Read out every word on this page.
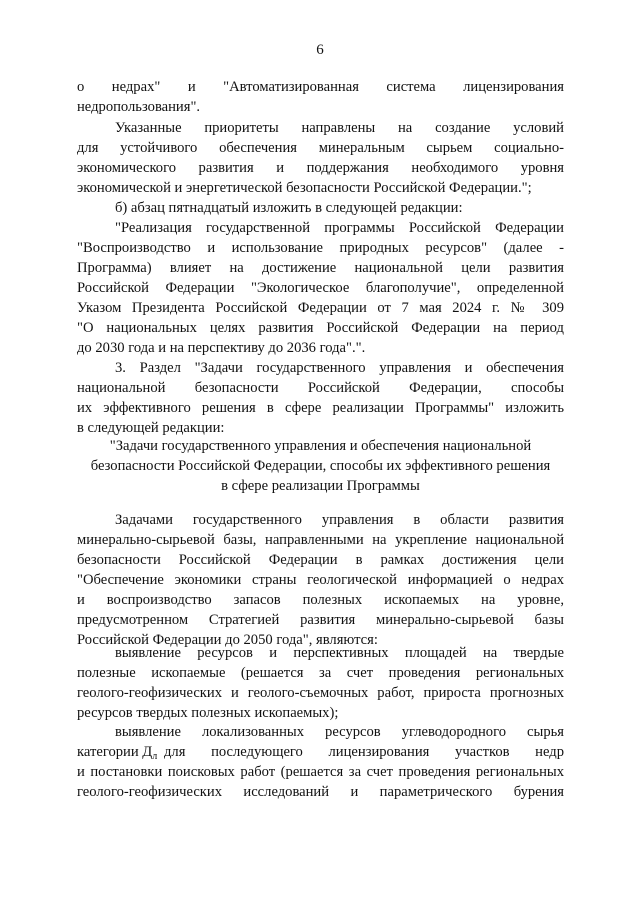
6
о недрах" и "Автоматизированная система лицензирования
недропользования".
Указанные приоритеты направлены на создание условий
для устойчивого обеспечения минеральным сырьем социально-
экономического развития и поддержания необходимого уровня
экономической и энергетической безопасности Российской Федерации.";
б) абзац пятнадцатый изложить в следующей редакции:
"Реализация государственной программы Российской Федерации
"Воспроизводство и использование природных ресурсов" (далее -
Программа) влияет на достижение национальной цели развития
Российской Федерации "Экологическое благополучие", определенной
Указом Президента Российской Федерации от 7 мая 2024 г. № 309
"О национальных целях развития Российской Федерации на период
до 2030 года и на перспективу до 2036 года".".
3. Раздел "Задачи государственного управления и обеспечения
национальной безопасности Российской Федерации, способы
их эффективного решения в сфере реализации Программы" изложить
в следующей редакции:
"Задачи государственного управления и обеспечения национальной
безопасности Российской Федерации, способы их эффективного решения
в сфере реализации Программы
Задачами государственного управления в области развития
минерально-сырьевой базы, направленными на укрепление национальной
безопасности Российской Федерации в рамках достижения цели
"Обеспечение экономики страны геологической информацией о недрах
и воспроизводство запасов полезных ископаемых на уровне,
предусмотренном Стратегией развития минерально-сырьевой базы
Российской Федерации до 2050 года", являются:
выявление ресурсов и перспективных площадей на твердые
полезные ископаемые (решается за счет проведения региональных
геолого-геофизических и геолого-съемочных работ, прироста прогнозных
ресурсов твердых полезных ископаемых);
выявление локализованных ресурсов углеводородного сырья
категории $Д_л$ для последующего лицензирования участков недр
и постановки поисковых работ (решается за счет проведения региональных
геолого-геофизических исследований и параметрического бурения
